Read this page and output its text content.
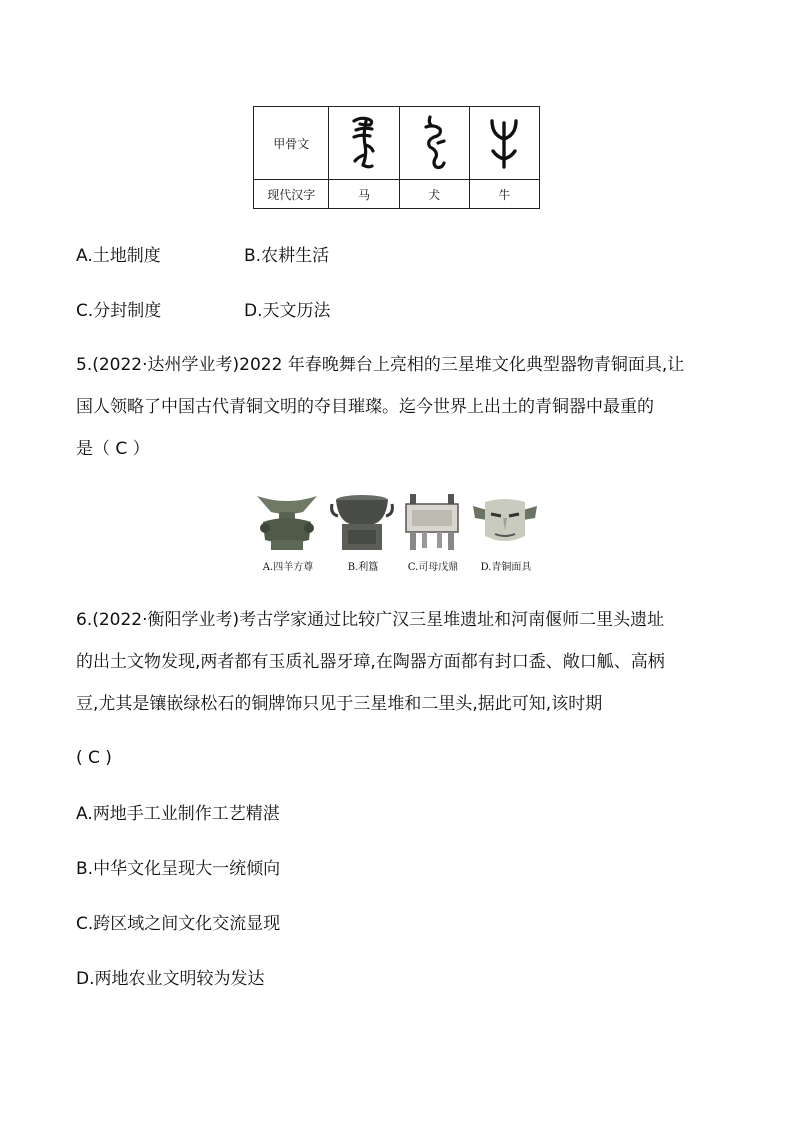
甲骨文	

现代汉字	马	犬	牛
A.土地制度	B.农耕生活
C.分封制度	D.天文历法
5.(2022·达州学业考)2022 年春晚舞台上亮相的三星堆文化典型器物青铜面具,让
国人领略了中国古代青铜文明的夺目璀璨。迄今世界上出土的青铜器中最重的
是（ C ）
A.四羊方尊	B.利簋	C.司母戊鼎	D.青铜面具
6.(2022·衡阳学业考)考古学家通过比较广汉三星堆遗址和河南偃师二里头遗址
的出土文物发现,两者都有玉质礼器牙璋,在陶器方面都有封口盉、敞口觚、高柄
豆,尤其是镶嵌绿松石的铜牌饰只见于三星堆和二里头,据此可知,该时期
( C )
A.两地手工业制作工艺精湛
B.中华文化呈现大一统倾向
C.跨区域之间文化交流显现
D.两地农业文明较为发达
